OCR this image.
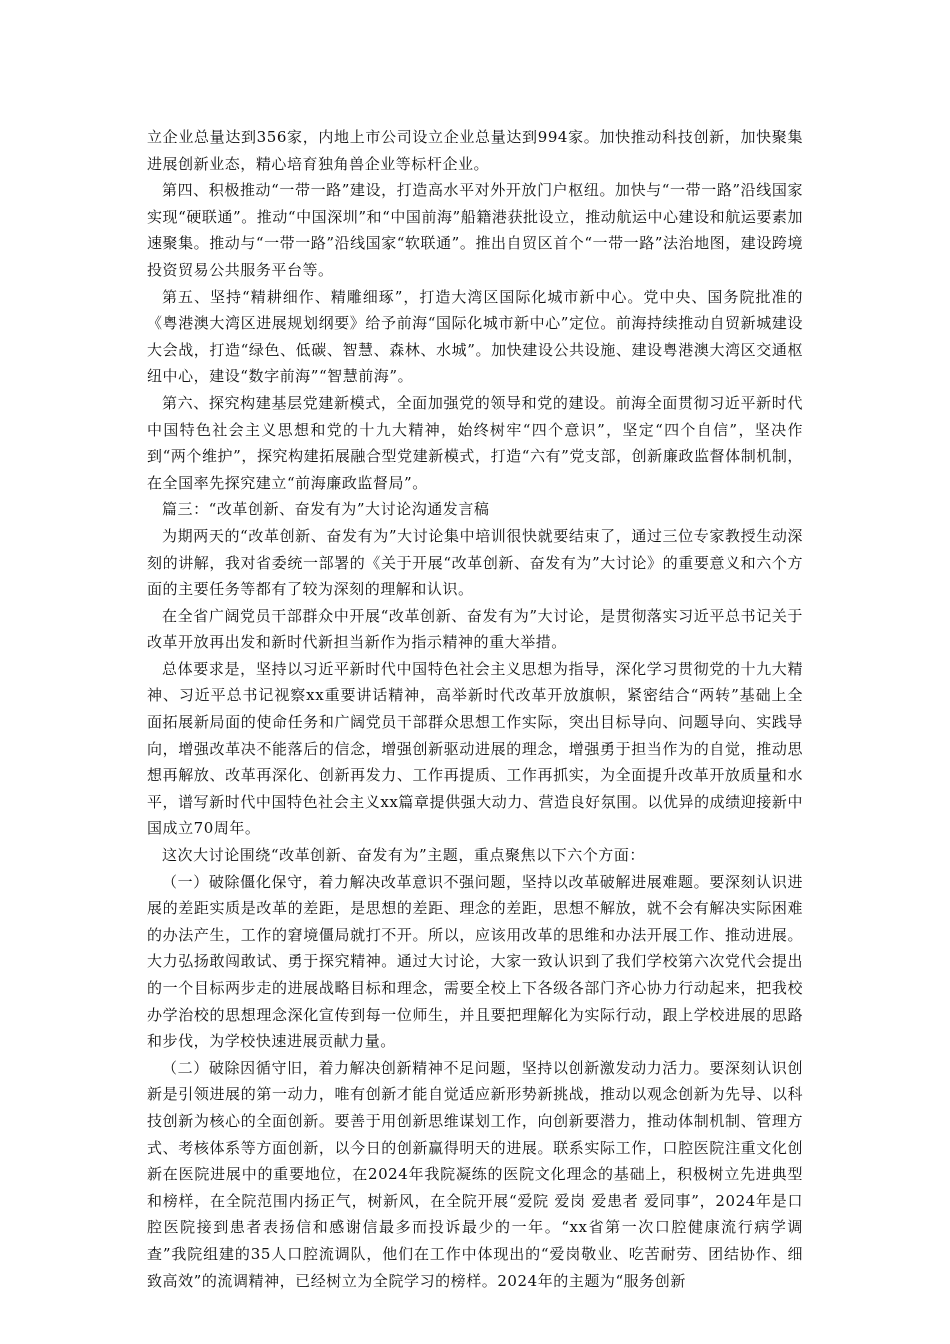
立企业总量达到356家，内地上市公司设立企业总量达到994家。加快推动科技创新，加快聚集进展创新业态，精心培育独角兽企业等标杆企业。

第四、积极推动“一带一路”建设，打造高水平对外开放门户枢纽。加快与“一带一路”沿线国家实现“硬联通”。推动“中国深圳”和“中国前海”船籍港获批设立，推动航运中心建设和航运要素加速聚集。推动与“一带一路”沿线国家“软联通”。推出自贸区首个“一带一路”法治地图，建设跨境投资贸易公共服务平台等。

第五、坚持“精耕细作、精雕细琢”，打造大湾区国际化城市新中心。党中央、国务院批准的《粤港澳大湾区进展规划纲要》给予前海“国际化城市新中心”定位。前海持续推动自贸新城建设大会战，打造“绿色、低碳、智慧、森林、水城”。加快建设公共设施、建设粤港澳大湾区交通枢纽中心，建设“数字前海”“智慧前海”。

第六、探究构建基层党建新模式，全面加强党的领导和党的建设。前海全面贯彻习近平新时代中国特色社会主义思想和党的十九大精神，始终树牢“四个意识”，坚定“四个自信”，坚决作到“两个维护”，探究构建拓展融合型党建新模式，打造“六有”党支部，创新廉政监督体制机制，在全国率先探究建立“前海廉政监督局”。

篇三：“改革创新、奋发有为”大讨论沟通发言稿

为期两天的“改革创新、奋发有为”大讨论集中培训很快就要结束了，通过三位专家教授生动深刻的讲解，我对省委统一部署的《关于开展“改革创新、奋发有为”大讨论》的重要意义和六个方面的主要任务等都有了较为深刻的理解和认识。

在全省广阔党员干部群众中开展“改革创新、奋发有为”大讨论，是贯彻落实习近平总书记关于改革开放再出发和新时代新担当新作为指示精神的重大举措。

总体要求是，坚持以习近平新时代中国特色社会主义思想为指导，深化学习贯彻党的十九大精神、习近平总书记视察xx重要讲话精神，高举新时代改革开放旗帜，紧密结合“两转”基础上全面拓展新局面的使命任务和广阔党员干部群众思想工作实际，突出目标导向、问题导向、实践导向，增强改革决不能落后的信念，增强创新驱动进展的理念，增强勇于担当作为的自觉，推动思想再解放、改革再深化、创新再发力、工作再提质、工作再抓实，为全面提升改革开放质量和水平，谱写新时代中国特色社会主义xx篇章提供强大动力、营造良好氛围。以优异的成绩迎接新中国成立70周年。

这次大讨论围绕“改革创新、奋发有为”主题，重点聚焦以下六个方面：

（一）破除僵化保守，着力解决改革意识不强问题，坚持以改革破解进展难题。要深刻认识进展的差距实质是改革的差距，是思想的差距、理念的差距，思想不解放，就不会有解决实际困难的办法产生，工作的窘境僵局就打不开。所以，应该用改革的思维和办法开展工作、推动进展。大力弘扬敢闯敢试、勇于探究精神。通过大讨论，大家一致认识到了我们学校第六次党代会提出的一个目标两步走的进展战略目标和理念，需要全校上下各级各部门齐心协力行动起来，把我校办学治校的思想理念深化宣传到每一位师生，并且要把理解化为实际行动，跟上学校进展的思路和步伐，为学校快速进展贡献力量。

（二）破除因循守旧，着力解决创新精神不足问题，坚持以创新激发动力活力。要深刻认识创新是引领进展的第一动力，唯有创新才能自觉适应新形势新挑战，推动以观念创新为先导、以科技创新为核心的全面创新。要善于用创新思维谋划工作，向创新要潜力，推动体制机制、管理方式、考核体系等方面创新，以今日的创新赢得明天的进展。联系实际工作，口腔医院注重文化创新在医院进展中的重要地位，在2024年我院凝练的医院文化理念的基础上，积极树立先进典型和榜样，在全院范围内扬正气，树新风，在全院开展“爱院 爱岗 爱患者 爱同事”，2024年是口腔医院接到患者表扬信和感谢信最多而投诉最少的一年。“xx省第一次口腔健康流行病学调查”我院组建的35人口腔流调队，他们在工作中体现出的“爱岗敬业、吃苦耐劳、团结协作、细致高效”的流调精神，已经树立为全院学习的榜样。2024年的主题为“服务创新
